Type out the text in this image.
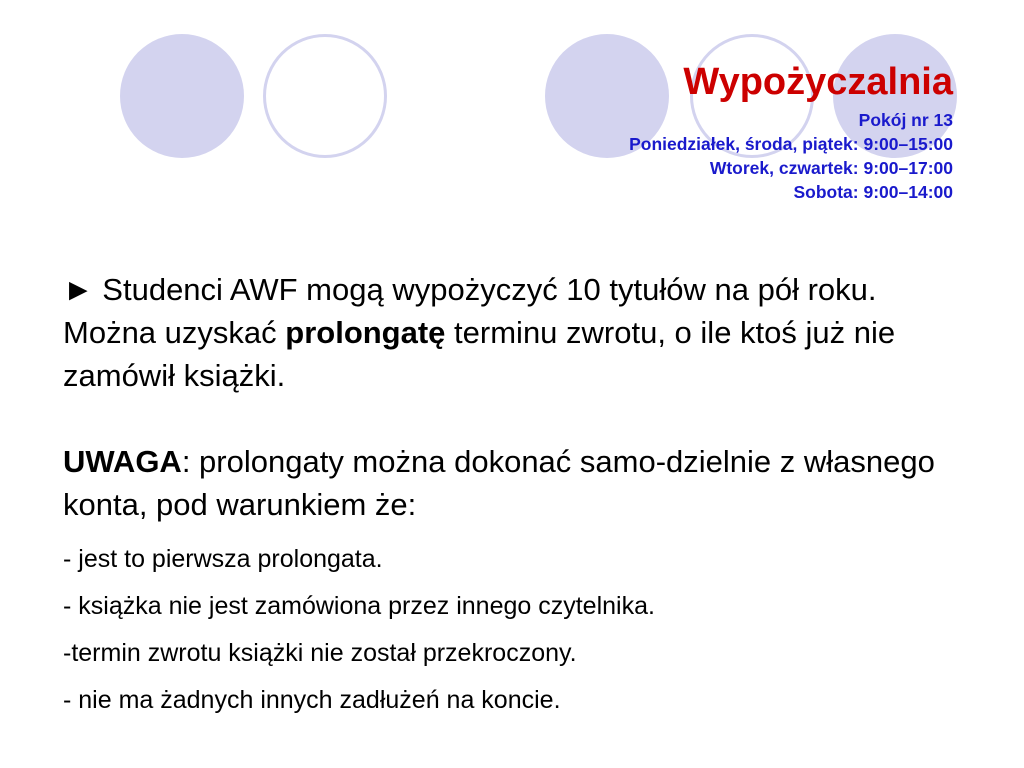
Wypożyczalnia

Pokój nr 13

Poniedziałek, środa, piątek: 9:00–15:00

Wtorek, czwartek: 9:00–17:00

Sobota: 9:00–14:00

► Studenci AWF mogą wypożyczyć 10 tytułów na pół roku. Można uzyskać prolongatę terminu zwrotu, o ile ktoś już nie zamówił książki.

UWAGA: prolongaty można dokonać samo-dzielnie z własnego konta, pod warunkiem że:

- jest to pierwsza prolongata.

- książka nie jest zamówiona przez innego czytelnika.

-termin zwrotu książki nie został przekroczony.

- nie ma żadnych innych zadłużeń na koncie.
